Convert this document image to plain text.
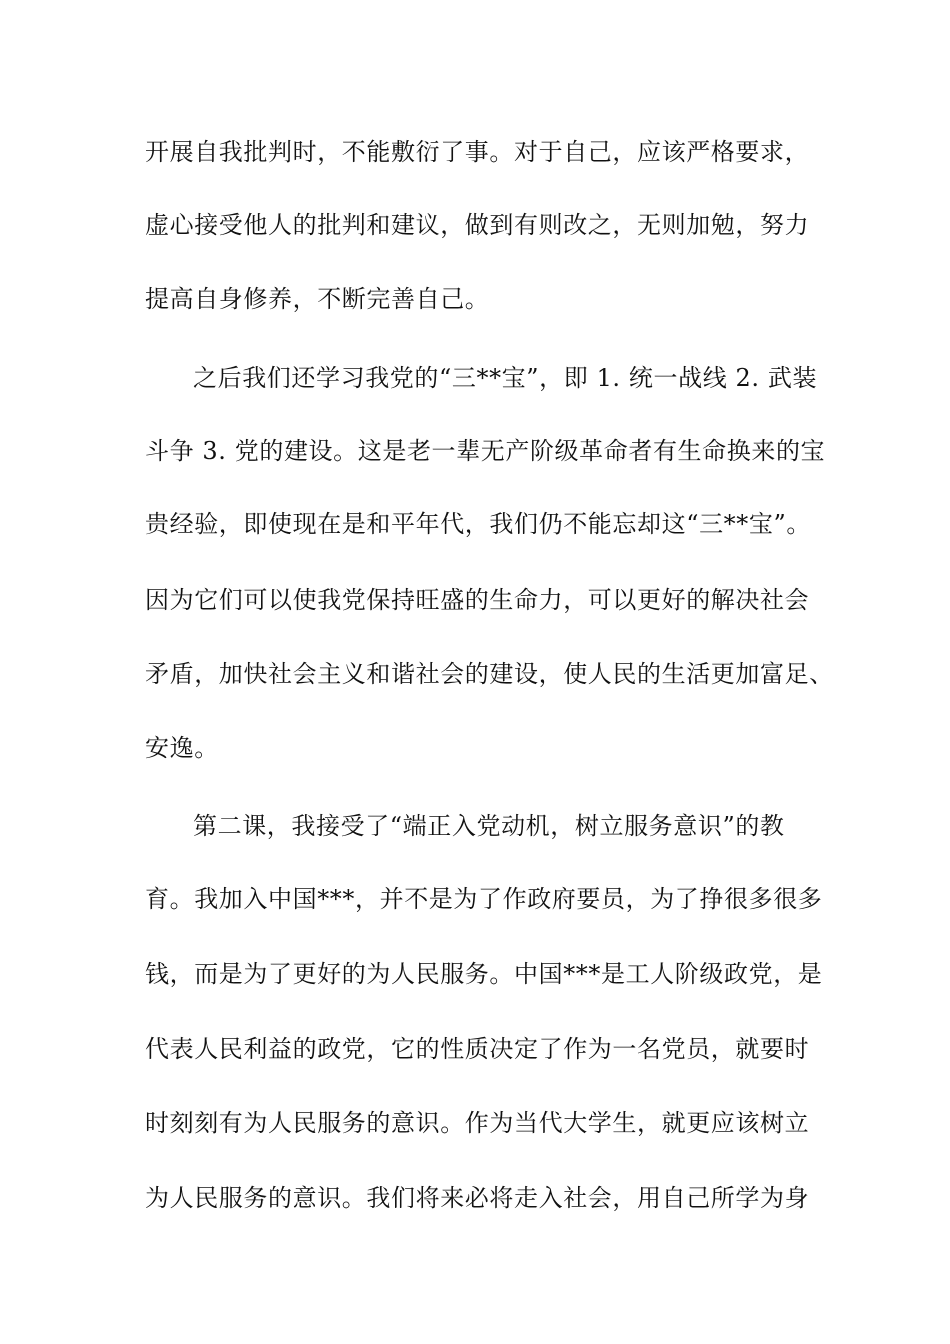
开展自我批判时，不能敷衍了事。对于自己，应该严格要求，
虚心接受他人的批判和建议，做到有则改之，无则加勉，努力
提高自身修养，不断完善自己。
之后我们还学习我党的“三**宝”，即 1. 统一战线 2. 武装
斗争 3. 党的建设。这是老一辈无产阶级革命者有生命换来的宝
贵经验，即使现在是和平年代，我们仍不能忘却这“三**宝”。
因为它们可以使我党保持旺盛的生命力，可以更好的解决社会
矛盾，加快社会主义和谐社会的建设，使人民的生活更加富足、
安逸。
第二课，我接受了“端正入党动机，树立服务意识”的教
育。我加入中国***，并不是为了作政府要员，为了挣很多很多
钱，而是为了更好的为人民服务。中国***是工人阶级政党，是
代表人民利益的政党，它的性质决定了作为一名党员，就要时
时刻刻有为人民服务的意识。作为当代大学生，就更应该树立
为人民服务的意识。我们将来必将走入社会，用自己所学为身
